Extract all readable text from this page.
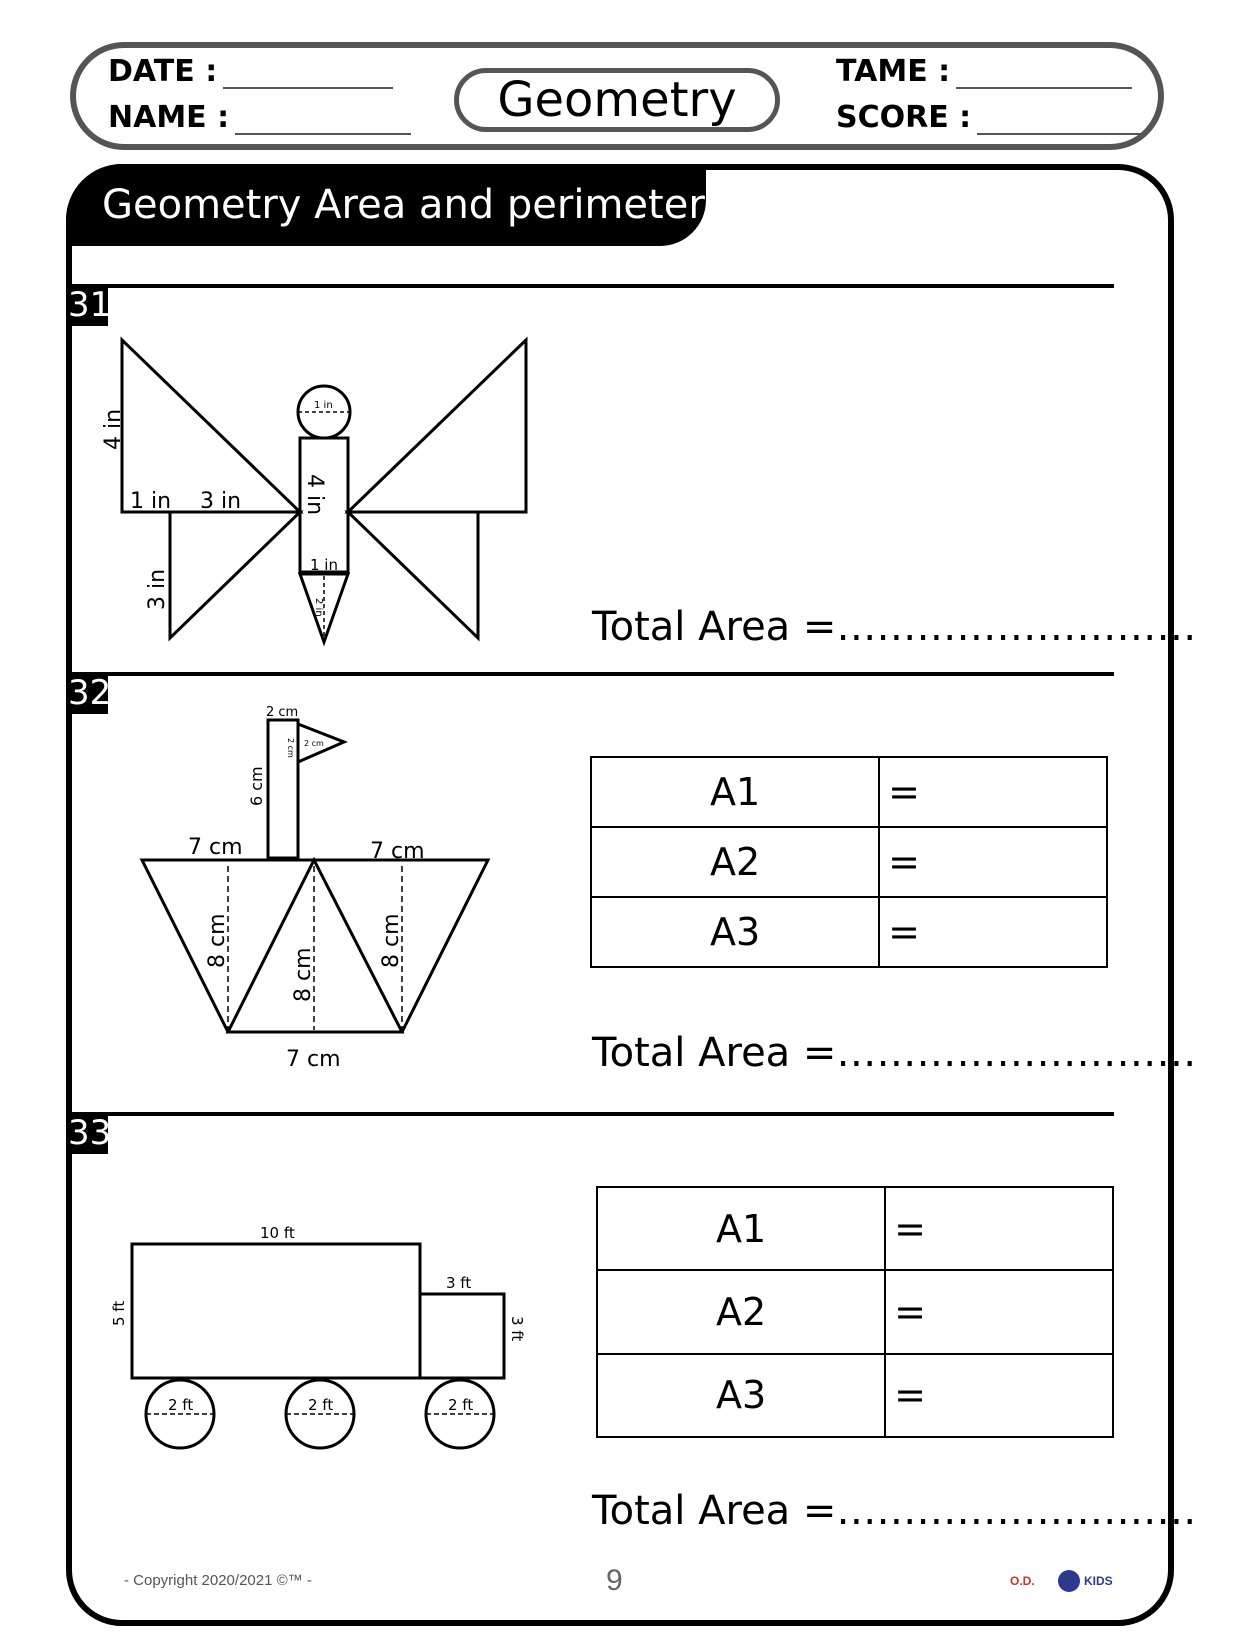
DATE :
NAME :	Geometry
TAME :
SCORE :
Geometry Area and perimeter
31
4 in
1 in 3 in
3 in
4 in
1 in
1 in
2 in	Total Area =………………………
32	2 cm
6 cm
2 cm 2 cm
7 cm	7 cm
8 cm
8 cm
8 cm
7 cm
A1	=
A2	=
A3	=
Total Area =………………………
33
10 ft
5 ft
3 ft
3 ft
2 ft	2 ft	2 ft
A1	=
A2	=
A3	=
Total Area =………………………
- Copyright 2020/2021 ©™ -	9	O.D.	KIDS
